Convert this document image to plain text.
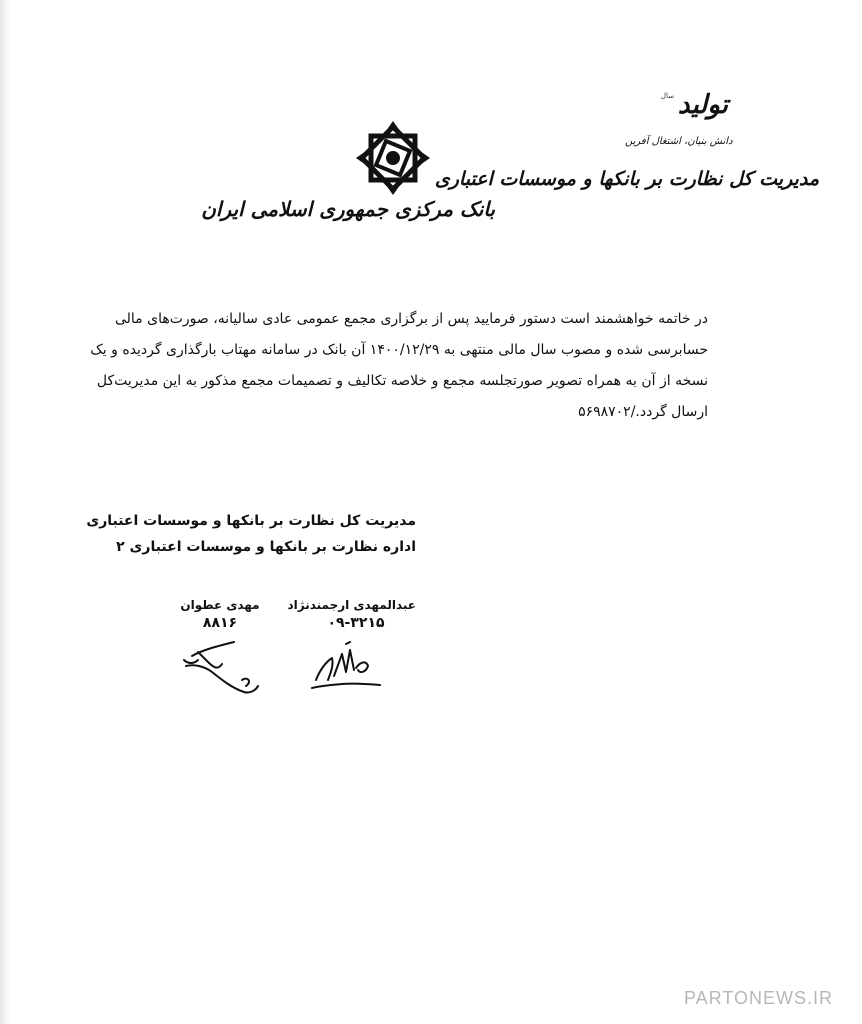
تولید
سال
دانش بنیان، اشتغال آفرین
مدیریت کل نظارت بر بانکها و موسسات اعتباری
بانک مرکزی جمهوری اسلامی ایران
در خاتمه خواهشمند است دستور فرمایید پس از برگزاری مجمع عمومی عادی سالیانه، صورت‌های مالی
حسابرسی شده و مصوب سال مالی منتهی به ۱۴۰۰/۱۲/۲۹ آن بانک در سامانه مهتاب بارگذاری گردیده و یک
نسخه از آن به همراه تصویر صورتجلسه مجمع و خلاصه تکالیف و تصمیمات مجمع مذکور به این مدیریت‌کل
ارسال گردد./۵۶۹۸۷۰۲
مدیریت کل نظارت بر بانکها و موسسات اعتباری
اداره نظارت بر بانکها و موسسات اعتباری ۲
عبدالمهدی ارجمندنژاد
۰۹-۳۲۱۵
مهدی عطوان
۸۸۱۶
PARTONEWS.IR
